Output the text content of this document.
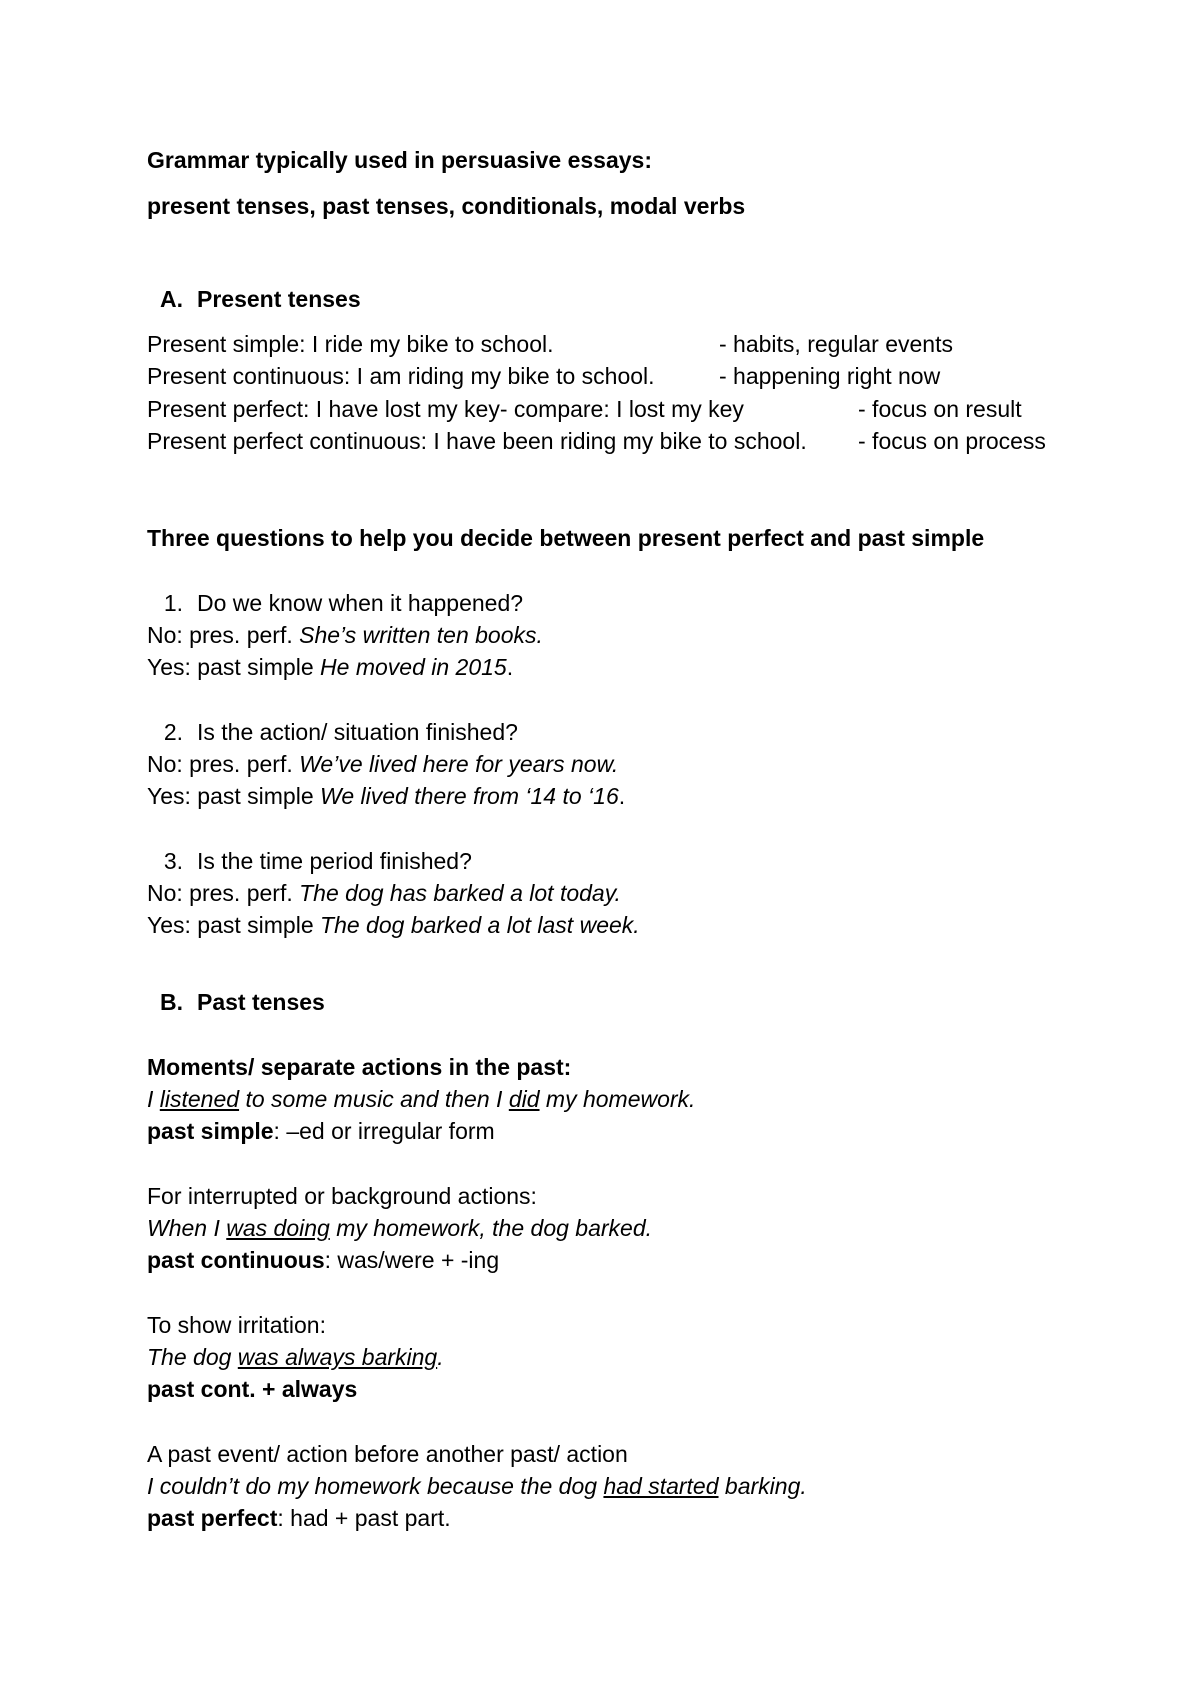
Grammar typically used in persuasive essays:
present tenses, past tenses, conditionals, modal verbs
A. Present tenses
Present simple: I ride my bike to school.	- habits, regular events
Present continuous: I am riding my bike to school.	- happening right now
Present perfect: I have lost my key- compare: I lost my key	- focus on result
Present perfect continuous: I have been riding my bike to school. - focus on process
Three questions to help you decide between present perfect and past simple
1. Do we know when it happened?
No: pres. perf. She’s written ten books.
Yes: past simple He moved in 2015.
2. Is the action/ situation finished?
No: pres. perf. We’ve lived here for years now.
Yes: past simple We lived there from ‘14 to ‘16.
3. Is the time period finished?
No: pres. perf. The dog has barked a lot today.
Yes: past simple The dog barked a lot last week.
B. Past tenses
Moments/ separate actions in the past:
I listened to some music and then I did my homework.
past simple: –ed or irregular form
For interrupted or background actions:
When I was doing my homework, the dog barked.
past continuous: was/were + -ing
To show irritation:
The dog was always barking.
past cont. + always
A past event/ action before another past/ action
I couldn’t do my homework because the dog had started barking.
past perfect: had + past part.
